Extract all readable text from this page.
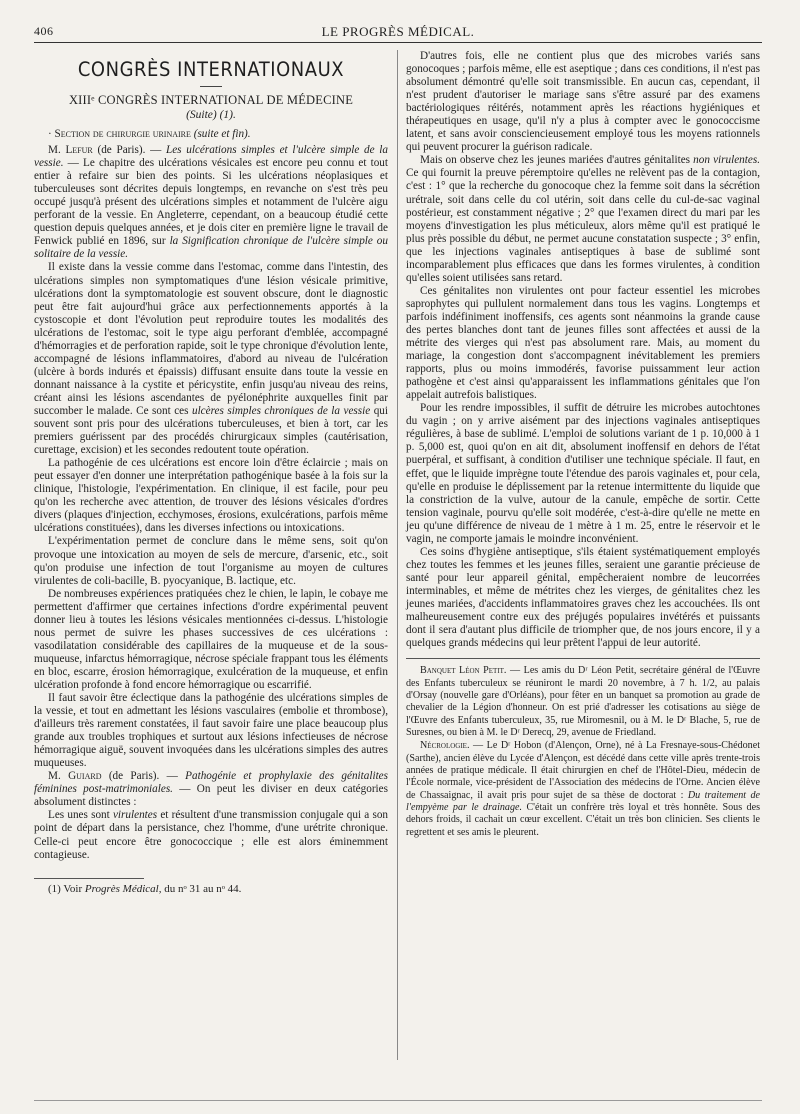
406	LE PROGRÈS MÉDICAL.
CONGRÈS INTERNATIONAUX
XIIIᵉ CONGRÈS INTERNATIONAL DE MÉDECINE
(Suite) (1).

· Section de chirurgie urinaire (suite et fin).

M. Lefur (de Paris). — Les ulcérations simples et l'ulcère simple de la vessie. — Le chapitre des ulcérations vésicales est encore peu connu et tout entier à refaire sur bien des points. Si les ulcérations néoplasiques et tuberculeuses sont décrites depuis longtemps, en revanche on s'est très peu occupé jusqu'à présent des ulcérations simples et notamment de l'ulcère aigu perforant de la vessie. En Angleterre, cependant, on a beaucoup étudié cette question depuis quelques années, et je dois citer en première ligne le travail de Fenwick publié en 1896, sur la Signification chronique de l'ulcère simple ou solitaire de la vessie.

Il existe dans la vessie comme dans l'estomac, comme dans l'intestin, des ulcérations simples non symptomatiques d'une lésion vésicale primitive, ulcérations dont la symptomatologie est souvent obscure, dont le diagnostic peut être fait aujourd'hui grâce aux perfectionnements apportés à la cystoscopie et dont l'évolution peut reproduire toutes les modalités des ulcérations de l'estomac, soit le type aigu perforant d'emblée, accompagné d'hémorragies et de perforation rapide, soit le type chronique d'évolution lente, accompagné de lésions inflammatoires, d'abord au niveau de l'ulcération (ulcère à bords indurés et épaissis) diffusant ensuite dans toute la vessie en donnant naissance à la cystite et péricystite, enfin jusqu'au niveau des reins, créant ainsi les lésions ascendantes de pyélonéphrite auxquelles finit par succomber le malade. Ce sont ces ulcères simples chroniques de la vessie qui souvent sont pris pour des ulcérations tuberculeuses, et bien à tort, car les premiers guérissent par des procédés chirurgicaux simples (cautérisation, curettage, excision) et les secondes redoutent toute opération.

La pathogénie de ces ulcérations est encore loin d'être éclaircie ; mais on peut essayer d'en donner une interprétation pathogénique basée à la fois sur la clinique, l'histologie, l'expérimentation. En clinique, il est facile, pour peu qu'on les recherche avec attention, de trouver des lésions vésicales d'ordres divers (plaques d'injection, ecchymoses, érosions, exulcérations, parfois même ulcérations constituées), dans les diverses infections ou intoxications.

L'expérimentation permet de conclure dans le même sens, soit qu'on provoque une intoxication au moyen de sels de mercure, d'arsenic, etc., soit qu'on produise une infection de tout l'organisme au moyen de cultures virulentes de coli-bacille, B. pyocyanique, B. lactique, etc.

De nombreuses expériences pratiquées chez le chien, le lapin, le cobaye me permettent d'affirmer que certaines infections d'ordre expérimental peuvent donner lieu à toutes les lésions vésicales mentionnées ci-dessus. L'histologie nous permet de suivre les phases successives de ces ulcérations : vasodilatation considérable des capillaires de la muqueuse et de la sous-muqueuse, infarctus hémorragique, nécrose spéciale frappant tous les éléments en bloc, escarre, érosion hémorragique, exulcération de la muqueuse, et enfin ulcération profonde à fond encore hémorragique ou escarrifié.

Il faut savoir être éclectique dans la pathogénie des ulcérations simples de la vessie, et tout en admettant les lésions vasculaires (embolie et thrombose), d'ailleurs très rarement constatées, il faut savoir faire une place beaucoup plus grande aux troubles trophiques et surtout aux lésions infectieuses de nécrose hémorragique aiguë, souvent invoquées dans les ulcérations simples des autres muqueuses.

M. Guiard (de Paris). — Pathogénie et prophylaxie des génitalites féminines post-matrimoniales. — On peut les diviser en deux catégories absolument distinctes :

Les unes sont virulentes et résultent d'une transmission conjugale qui a son point de départ dans la persistance, chez l'homme, d'une urétrite chronique. Celle-ci peut encore être gonococcique ; elle est alors éminemment contagieuse.

(1) Voir Progrès Médical, du nᵒ 31 au nᵒ 44.

D'autres fois, elle ne contient plus que des microbes variés sans gonocoques ; parfois même, elle est aseptique ; dans ces conditions, il n'est pas absolument démontré qu'elle soit transmissible. En aucun cas, cependant, il n'est prudent d'autoriser le mariage sans s'être assuré par des examens bactériologiques réitérés, notamment après les réactions hygiéniques et thérapeutiques en usage, qu'il n'y a plus à compter avec le gonococcisme latent, et sans avoir consciencieusement employé tous les moyens rationnels qui peuvent procurer la guérison radicale.

Mais on observe chez les jeunes mariées d'autres génitalites non virulentes. Ce qui fournit la preuve péremptoire qu'elles ne relèvent pas de la contagion, c'est : 1° que la recherche du gonocoque chez la femme soit dans la sécrétion urétrale, soit dans celle du col utérin, soit dans celle du cul-de-sac vaginal postérieur, est constamment négative ; 2° que l'examen direct du mari par les moyens d'investigation les plus méticuleux, alors même qu'il est pratiqué le plus près possible du début, ne permet aucune constatation suspecte ; 3° enfin, que les injections vaginales antiseptiques à base de sublimé sont incomparablement plus efficaces que dans les formes virulentes, à condition qu'elles soient utilisées sans retard.

Ces génitalites non virulentes ont pour facteur essentiel les microbes saprophytes qui pullulent normalement dans tous les vagins. Longtemps et parfois indéfiniment inoffensifs, ces agents sont néanmoins la grande cause des pertes blanches dont tant de jeunes filles sont affectées et aussi de la métrite des vierges qui n'est pas absolument rare. Mais, au moment du mariage, la congestion dont s'accompagnent inévitablement les premiers rapports, plus ou moins immodérés, favorise puissamment leur action pathogène et c'est ainsi qu'apparaissent les inflammations génitales que l'on appelait autrefois balistiques.

Pour les rendre impossibles, il suffit de détruire les microbes autochtones du vagin ; on y arrive aisément par des injections vaginales antiseptiques régulières, à base de sublimé. L'emploi de solutions variant de 1 p. 10,000 à 1 p. 5,000 est, quoi qu'on en ait dit, absolument inoffensif en dehors de l'état puerpéral, et suffisant, à condition d'utiliser une technique spéciale. Il faut, en effet, que le liquide imprègne toute l'étendue des parois vaginales et, pour cela, qu'elle en produise le déplissement par la retenue intermittente du liquide que la constriction de la vulve, autour de la canule, empêche de sortir. Cette tension vaginale, pourvu qu'elle soit modérée, c'est-à-dire qu'elle ne mette en jeu qu'une différence de niveau de 1 mètre à 1 m. 25, entre le réservoir et le vagin, ne comporte jamais le moindre inconvénient.

Ces soins d'hygiène antiseptique, s'ils étaient systématiquement employés chez toutes les femmes et les jeunes filles, seraient une garantie précieuse de santé pour leur appareil génital, empêcheraient nombre de leucorrées interminables, et même de métrites chez les vierges, de génitalites chez les jeunes mariées, d'accidents inflammatoires graves chez les accouchées. Ils ont malheureusement contre eux des préjugés populaires invétérés et puissants dont il sera d'autant plus difficile de triompher que, de nos jours encore, il y a quelques grands médecins qui leur prêtent l'appui de leur autorité.

Banquet Léon Petit. — Les amis du Dʳ Léon Petit, secrétaire général de l'Œuvre des Enfants tuberculeux se réuniront le mardi 20 novembre, à 7 h. 1/2, au palais d'Orsay (nouvelle gare d'Orléans), pour fêter en un banquet sa promotion au grade de chevalier de la Légion d'honneur. On est prié d'adresser les cotisations au siège de l'Œuvre des Enfants tuberculeux, 35, rue Miromesnil, ou à M. le Dʳ Blache, 5, rue de Suresnes, ou bien à M. le Dʳ Derecq, 29, avenue de Friedland.

Nécrologie. — Le Dʳ Hobon (d'Alençon, Orne), né à La Fresnaye-sous-Chédonet (Sarthe), ancien élève du Lycée d'Alençon, est décédé dans cette ville après trente-trois années de pratique médicale. Il était chirurgien en chef de l'Hôtel-Dieu, médecin de l'École normale, vice-président de l'Association des médecins de l'Orne. Ancien élève de Chassaignac, il avait pris pour sujet de sa thèse de doctorat : Du traitement de l'empyème par le drainage. C'était un confrère très loyal et très honnête. Sous des dehors froids, il cachait un cœur excellent. C'était un très bon clinicien. Ses clients le regrettent et ses amis le pleurent.
